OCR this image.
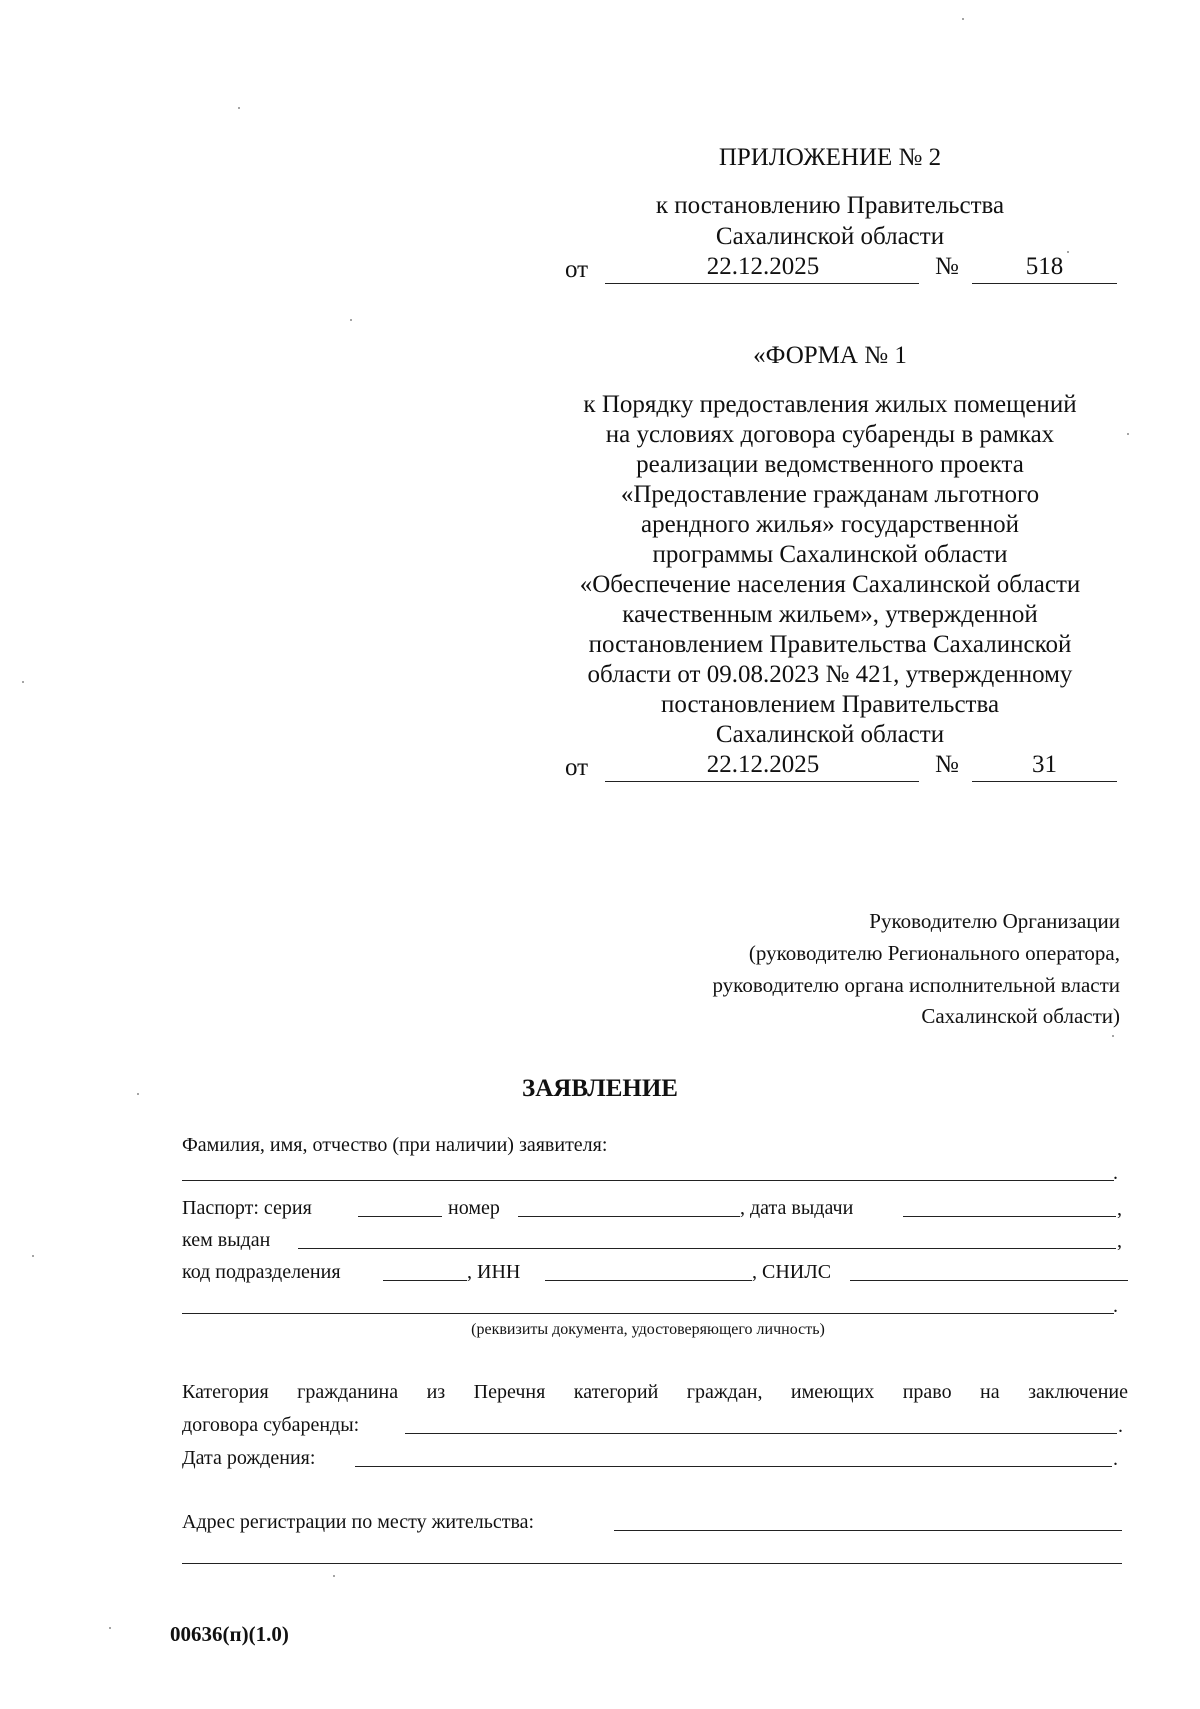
ПРИЛОЖЕНИЕ № 2
к постановлению Правительства
Сахалинской области
от	22.12.2025	№	518
«ФОРМА № 1
к Порядку предоставления жилых помещений
на условиях договора субаренды в рамках
реализации ведомственного проекта
«Предоставление гражданам льготного
арендного жилья» государственной
программы Сахалинской области
«Обеспечение населения Сахалинской области
качественным жильем», утвержденной
постановлением Правительства Сахалинской
области от 09.08.2023 № 421, утвержденному
постановлением Правительства
Сахалинской области
от	22.12.2025	№	31
Руководителю Организации
(руководителю Регионального оператора,
руководителю органа исполнительной власти
Сахалинской области)
ЗАЯВЛЕНИЕ
Фамилия, имя, отчество (при наличии) заявителя:
.
Паспорт: серия	номер	, дата выдачи	,
кем выдан	,
код подразделения	, ИНН	, СНИЛС
.
(реквизиты документа, удостоверяющего личность)
Категория гражданина из Перечня категорий граждан, имеющих право на заключение
договора субаренды:	.
Дата рождения:	.
Адрес регистрации по месту жительства:
00636(п)(1.0)
